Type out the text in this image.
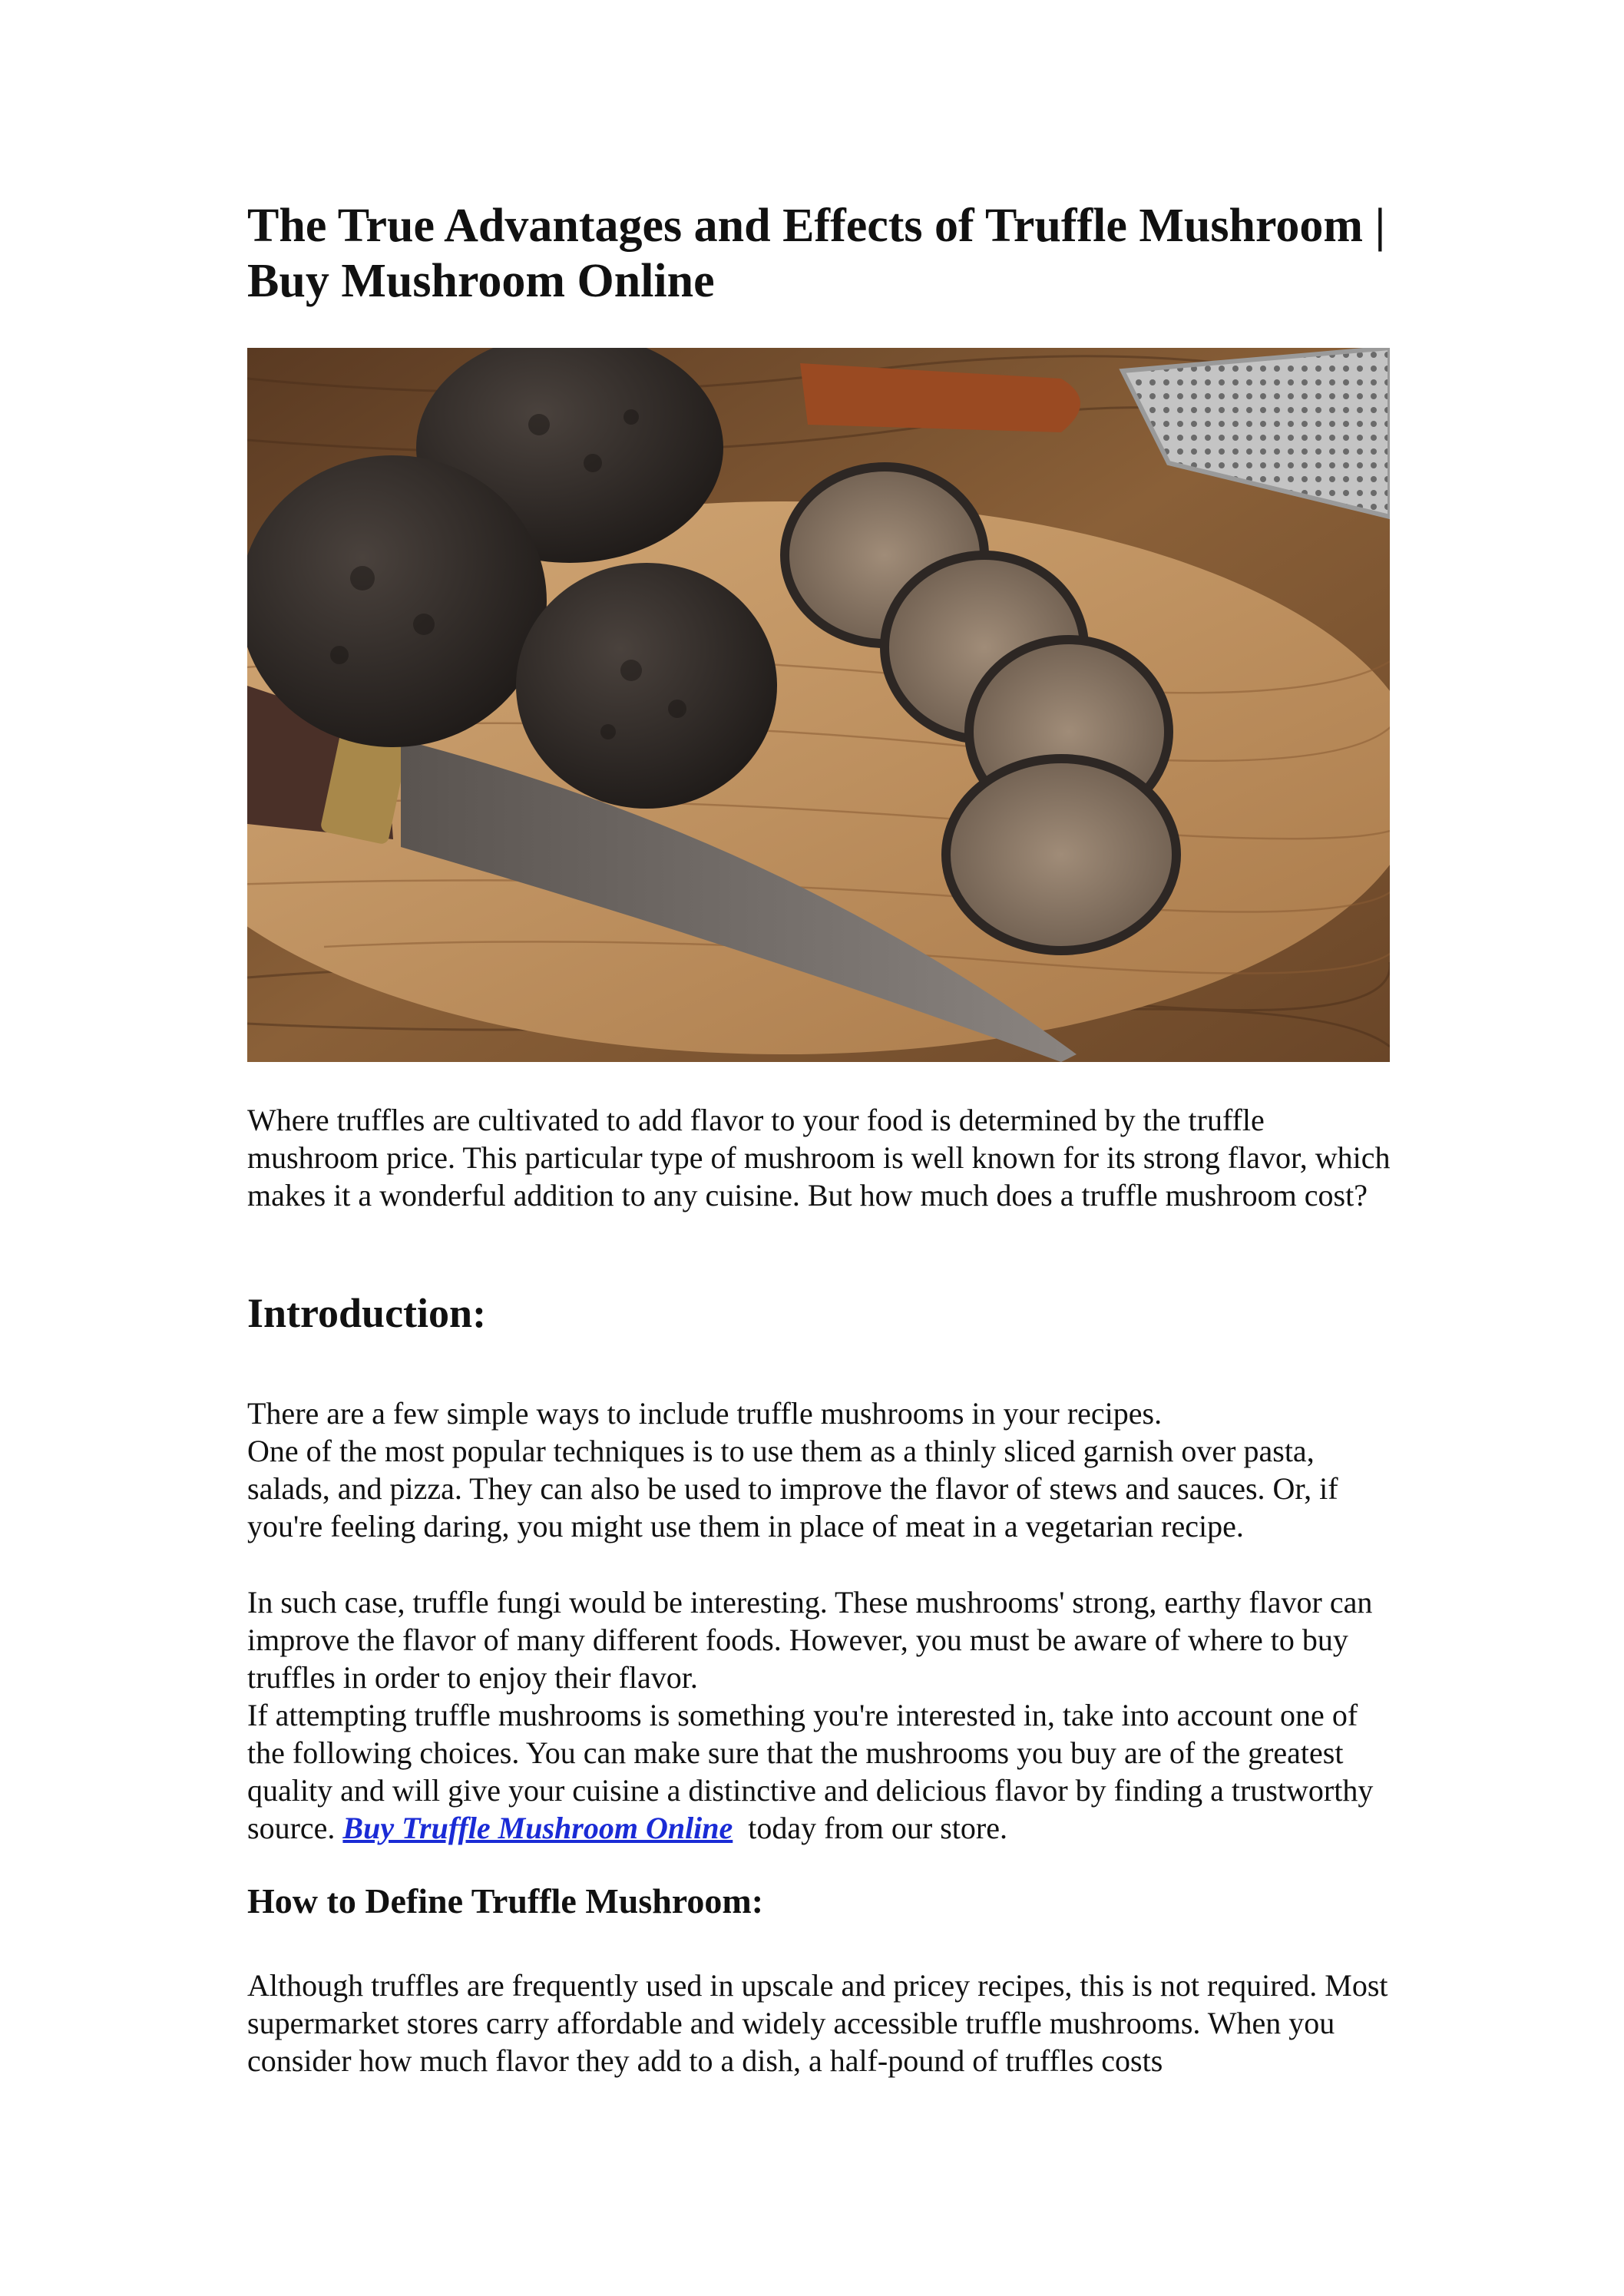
The True Advantages and Effects of Truffle Mushroom | Buy Mushroom Online

Where truffles are cultivated to add flavor to your food is determined by the truffle mushroom price. This particular type of mushroom is well known for its strong flavor, which makes it a wonderful addition to any cuisine. But how much does a truffle mushroom cost?

Introduction:

There are a few simple ways to include truffle mushrooms in your recipes.
One of the most popular techniques is to use them as a thinly sliced garnish over pasta, salads, and pizza. They can also be used to improve the flavor of stews and sauces. Or, if you're feeling daring, you might use them in place of meat in a vegetarian recipe.

In such case, truffle fungi would be interesting. These mushrooms' strong, earthy flavor can improve the flavor of many different foods. However, you must be aware of where to buy truffles in order to enjoy their flavor.
If attempting truffle mushrooms is something you're interested in, take into account one of the following choices. You can make sure that the mushrooms you buy are of the greatest quality and will give your cuisine a distinctive and delicious flavor by finding a trustworthy source. Buy Truffle Mushroom Online  today from our store.

How to Define Truffle Mushroom:

Although truffles are frequently used in upscale and pricey recipes, this is not required. Most supermarket stores carry affordable and widely accessible truffle mushrooms. When you consider how much flavor they add to a dish, a half-pound of truffles costs
